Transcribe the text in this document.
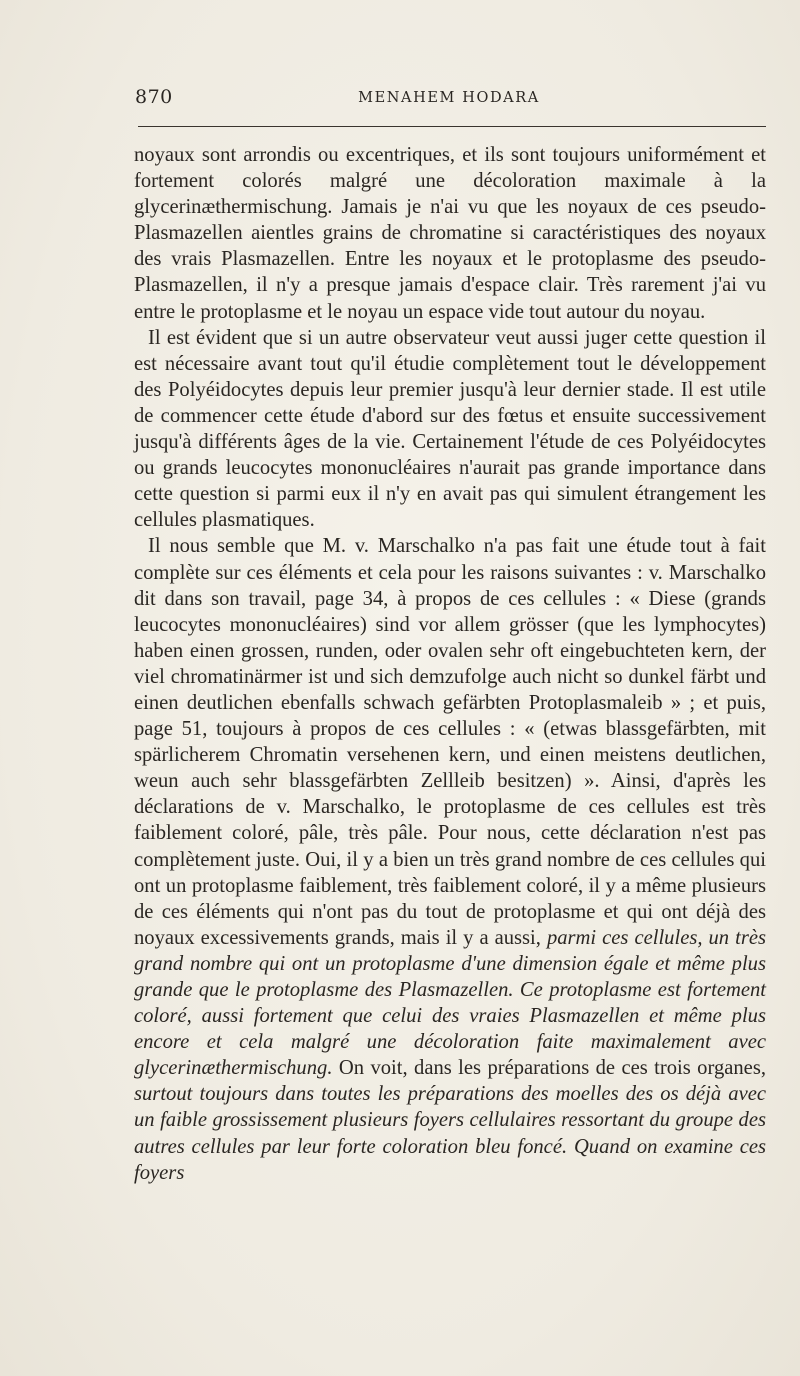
870	MENAHEM HODARA

noyaux sont arrondis ou excentriques, et ils sont toujours uniformément et fortement colorés malgré une décoloration maximale à la glycerinæthermischung. Jamais je n'ai vu que les noyaux de ces pseudo-Plasmazellen aientles grains de chromatine si caractéristiques des noyaux des vrais Plasmazellen. Entre les noyaux et le protoplasme des pseudo-Plasmazellen, il n'y a presque jamais d'espace clair. Très rarement j'ai vu entre le protoplasme et le noyau un espace vide tout autour du noyau.

Il est évident que si un autre observateur veut aussi juger cette question il est nécessaire avant tout qu'il étudie complètement tout le développement des Polyéidocytes depuis leur premier jusqu'à leur dernier stade. Il est utile de commencer cette étude d'abord sur des fœtus et ensuite successivement jusqu'à différents âges de la vie. Certainement l'étude de ces Polyéidocytes ou grands leucocytes mononucléaires n'aurait pas grande importance dans cette question si parmi eux il n'y en avait pas qui simulent étrangement les cellules plasmatiques.

Il nous semble que M. v. Marschalko n'a pas fait une étude tout à fait complète sur ces éléments et cela pour les raisons suivantes : v. Marschalko dit dans son travail, page 34, à propos de ces cellules : « Diese (grands leucocytes mononucléaires) sind vor allem grösser (que les lymphocytes) haben einen grossen, runden, oder ovalen sehr oft eingebuchteten kern, der viel chromatinärmer ist und sich demzufolge auch nicht so dunkel färbt und einen deutlichen ebenfalls schwach gefärbten Protoplasmaleib » ; et puis, page 51, toujours à propos de ces cellules : « (etwas blassgefärbten, mit spärlicherem Chromatin versehenen kern, und einen meistens deutlichen, weun auch sehr blassgefärbten Zellleib besitzen) ». Ainsi, d'après les déclarations de v. Marschalko, le protoplasme de ces cellules est très faiblement coloré, pâle, très pâle. Pour nous, cette déclaration n'est pas complètement juste. Oui, il y a bien un très grand nombre de ces cellules qui ont un protoplasme faiblement, très faiblement coloré, il y a même plusieurs de ces éléments qui n'ont pas du tout de protoplasme et qui ont déjà des noyaux excessivements grands, mais il y a aussi, parmi ces cellules, un très grand nombre qui ont un protoplasme d'une dimension égale et même plus grande que le protoplasme des Plasmazellen. Ce protoplasme est fortement coloré, aussi fortement que celui des vraies Plasmazellen et même plus encore et cela malgré une décoloration faite maximalement avec glycerinæthermischung. On voit, dans les préparations de ces trois organes, surtout toujours dans toutes les préparations des moelles des os déjà avec un faible grossissement plusieurs foyers cellulaires ressortant du groupe des autres cellules par leur forte coloration bleu foncé. Quand on examine ces foyers
